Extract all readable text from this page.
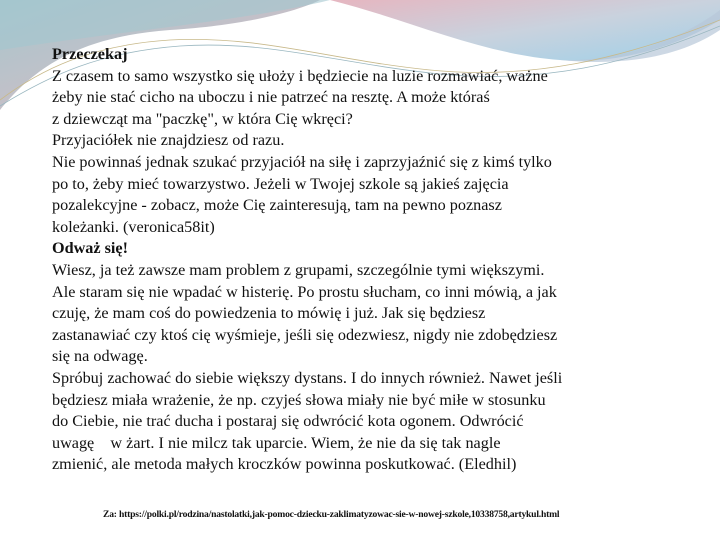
Przeczekaj
Z czasem to samo wszystko się ułoży i będziecie na luzie rozmawiać, ważne
żeby nie stać cicho na uboczu i nie patrzeć na resztę. A może któraś
z dziewcząt ma "paczkę", w która Cię wkręci?
Przyjaciółek nie znajdziesz od razu.
Nie powinnaś jednak szukać przyjaciół na siłę i zaprzyjaźnić się z kimś tylko
po to, żeby mieć towarzystwo. Jeżeli w Twojej szkole są jakieś zajęcia
pozalekcyjne - zobacz, może Cię zainteresują, tam na pewno poznasz
koleżanki. (veronica58it)
Odważ się!
Wiesz, ja też zawsze mam problem z grupami, szczególnie tymi większymi.
Ale staram się nie wpadać w histerię. Po prostu słucham, co inni mówią, a jak
czuję, że mam coś do powiedzenia to mówię i już. Jak się będziesz
zastanawiać czy ktoś cię wyśmieje, jeśli się odezwiesz, nigdy nie zdobędziesz
się na odwagę.
Spróbuj zachować do siebie większy dystans. I do innych również. Nawet jeśli
będziesz miała wrażenie, że np. czyjeś słowa miały nie być miłe w stosunku
do Ciebie, nie trać ducha i postaraj się odwrócić kota ogonem. Odwrócić
uwagę    w żart. I nie milcz tak uparcie. Wiem, że nie da się tak nagle
zmienić, ale metoda małych kroczków powinna poskutkować. (Eledhil)
Za: https://polki.pl/rodzina/nastolatki,jak-pomoc-dziecku-zaklimatyzowac-sie-w-nowej-szkole,10338758,artykul.html
